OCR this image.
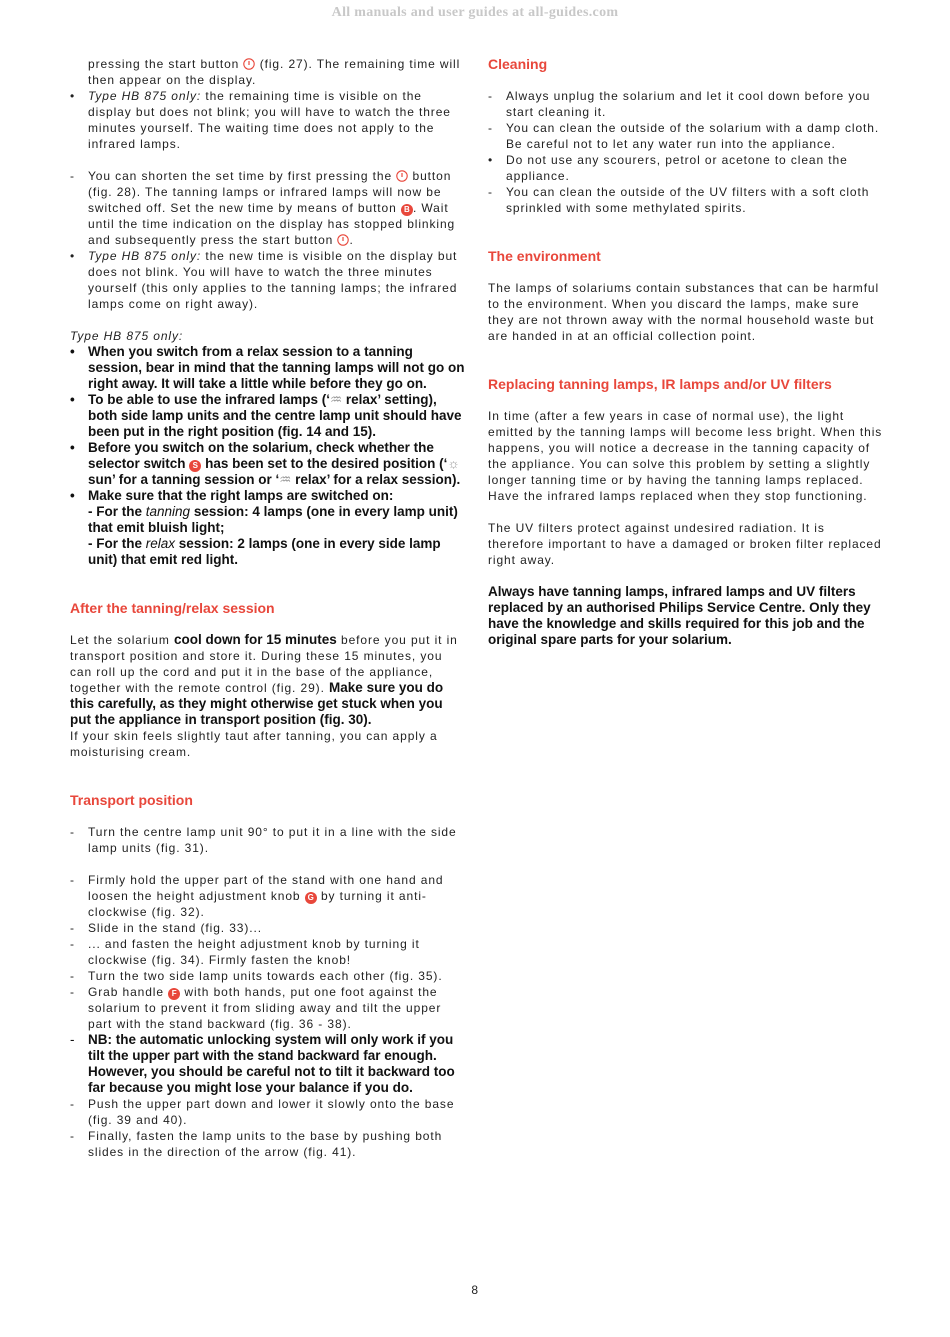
All manuals and user guides at all-guides.com

pressing the start button (fig. 27). The remaining time will then appear on the display.

•	Type HB 875 only: the remaining time is visible on the display but does not blink; you will have to watch the three minutes yourself. The waiting time does not apply to the infrared lamps.
-	You can shorten the set time by first pressing the button (fig. 28). The tanning lamps or infrared lamps will now be switched off. Set the new time by means of button B . Wait until the time indication on the display has stopped blinking and subsequently press the start button .
•	Type HB 875 only: the new time is visible on the display but does not blink. You will have to watch the three minutes yourself (this only applies to the tanning lamps; the infrared lamps come on right away).

Type HB 875 only:

• When you switch from a relax session to a tanning session, bear in mind that the tanning lamps will not go on right away. It will take a little while before they go on.
• To be able to use the infrared lamps (‘♒ relax’ setting), both side lamp units and the centre lamp unit should have been put in the right position (fig. 14 and 15).
• Before you switch on the solarium, check whether the selector switch S has been set to the desired position (‘☼ sun’ for a tanning session or ‘♒ relax’ for a relax session).
• Make sure that the right lamps are switched on:
- For the tanning session: 4 lamps (one in every lamp unit) that emit bluish light;
- For the relax session: 2 lamps (one in every side lamp unit) that emit red light.
After the tanning/relax session

Let the solarium cool down for 15 minutes before you put it in transport position and store it. During these 15 minutes, you can roll up the cord and put it in the base of the appliance, together with the remote control (fig. 29). Make sure you do this carefully, as they might otherwise get stuck when you put the appliance in transport position (fig. 30).
If your skin feels slightly taut after tanning, you can apply a moisturising cream.

Transport position
-	Turn the centre lamp unit 90° to put it in a line with the side lamp units (fig. 31).
-	Firmly hold the upper part of the stand with one hand and loosen the height adjustment knob G by turning it anti-clockwise (fig. 32).
-	Slide in the stand (fig. 33)...
-	... and fasten the height adjustment knob by turning it clockwise (fig. 34). Firmly fasten the knob!
-	Turn the two side lamp units towards each other (fig. 35).
-	Grab handle F with both hands, put one foot against the solarium to prevent it from sliding away and tilt the upper part with the stand backward (fig. 36 - 38).
-	NB: the automatic unlocking system will only work if you tilt the upper part with the stand backward far enough. However, you should be careful not to tilt it backward too far because you might lose your balance if you do.
-	Push the upper part down and lower it slowly onto the base (fig. 39 and 40).
-	Finally, fasten the lamp units to the base by pushing both slides in the direction of the arrow (fig. 41).
Cleaning
-	Always unplug the solarium and let it cool down before you start cleaning it.
-	You can clean the outside of the solarium with a damp cloth. Be careful not to let any water run into the appliance.
•	Do not use any scourers, petrol or acetone to clean the appliance.
-	You can clean the outside of the UV filters with a soft cloth sprinkled with some methylated spirits.
The environment

The lamps of solariums contain substances that can be harmful to the environment. When you discard the lamps, make sure they are not thrown away with the normal household waste but are handed in at an official collection point.

Replacing tanning lamps, IR lamps and/or UV filters

In time (after a few years in case of normal use), the light emitted by the tanning lamps will become less bright. When this happens, you will notice a decrease in the tanning capacity of the appliance. You can solve this problem by setting a slightly longer tanning time or by having the tanning lamps replaced.

Have the infrared lamps replaced when they stop functioning.

The UV filters protect against undesired radiation. It is therefore important to have a damaged or broken filter replaced right away.

Always have tanning lamps, infrared lamps and UV filters replaced by an authorised Philips Service Centre. Only they have the knowledge and skills required for this job and the original spare parts for your solarium.

8
